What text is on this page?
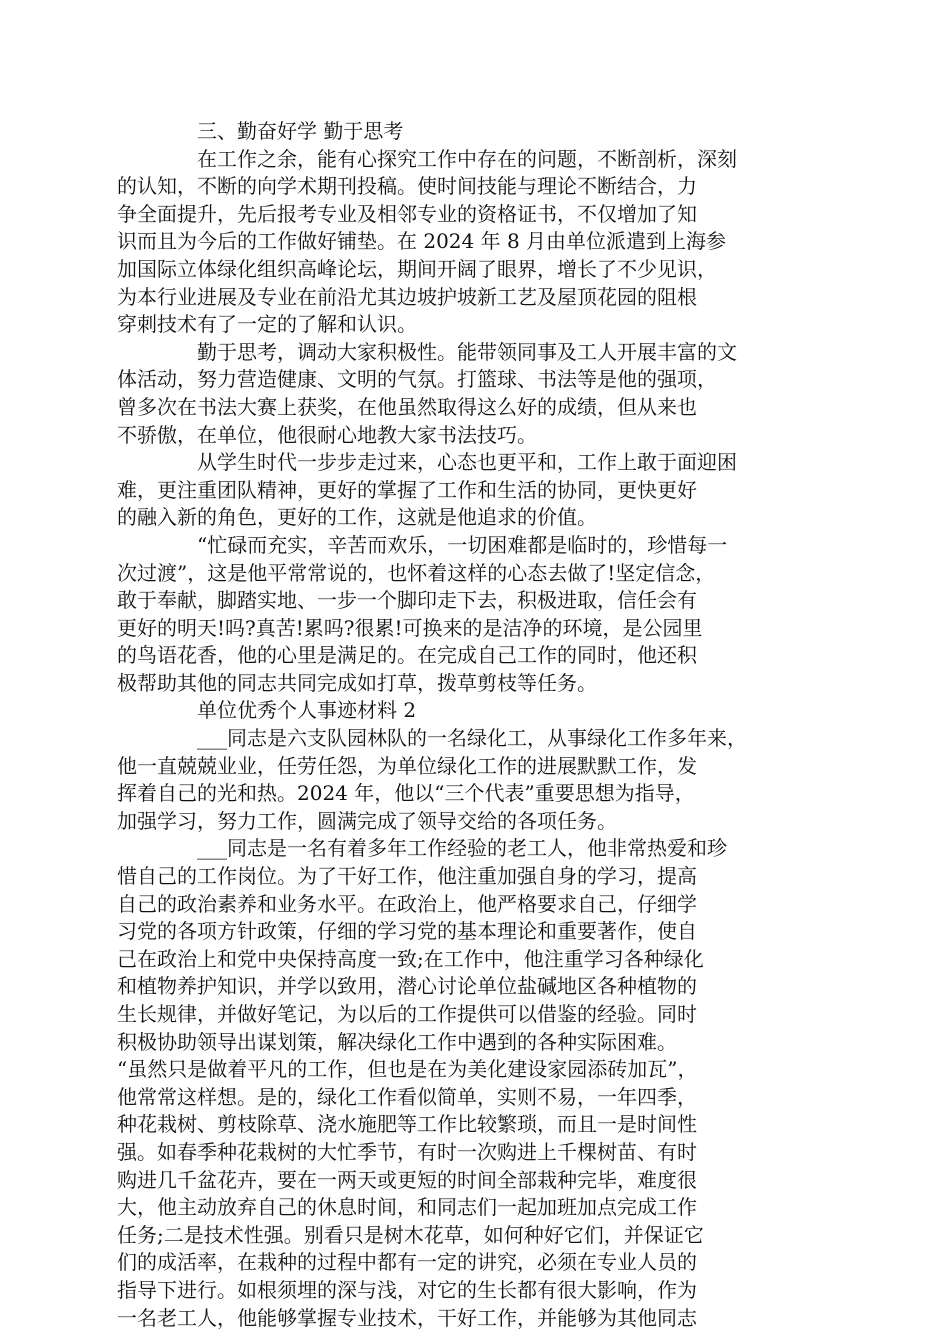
三、勤奋好学 勤于思考
在工作之余，能有心探究工作中存在的问题，不断剖析，深刻
的认知，不断的向学术期刊投稿。使时间技能与理论不断结合，力
争全面提升，先后报考专业及相邻专业的资格证书，不仅增加了知
识而且为今后的工作做好铺垫。在 2024 年 8 月由单位派遣到上海参
加国际立体绿化组织高峰论坛，期间开阔了眼界，增长了不少见识，
为本行业进展及专业在前沿尤其边坡护坡新工艺及屋顶花园的阻根
穿刺技术有了一定的了解和认识。
勤于思考，调动大家积极性。能带领同事及工人开展丰富的文
体活动，努力营造健康、文明的气氛。打篮球、书法等是他的强项，
曾多次在书法大赛上获奖，在他虽然取得这么好的成绩，但从来也
不骄傲，在单位，他很耐心地教大家书法技巧。
从学生时代一步步走过来，心态也更平和，工作上敢于面迎困
难，更注重团队精神，更好的掌握了工作和生活的协同，更快更好
的融入新的角色，更好的工作，这就是他追求的价值。
“忙碌而充实，辛苦而欢乐，一切困难都是临时的，珍惜每一
次过渡”，这是他平常常说的，也怀着这样的心态去做了!坚定信念，
敢于奉献，脚踏实地、一步一个脚印走下去，积极进取，信任会有
更好的明天!吗?真苦!累吗?很累!可换来的是洁净的环境，是公园里
的鸟语花香，他的心里是满足的。在完成自己工作的同时，他还积
极帮助其他的同志共同完成如打草，拨草剪枝等任务。
单位优秀个人事迹材料 2
___同志是六支队园林队的一名绿化工，从事绿化工作多年来，
他一直兢兢业业，任劳任怨，为单位绿化工作的进展默默工作，发
挥着自己的光和热。2024 年，他以“三个代表”重要思想为指导，
加强学习，努力工作，圆满完成了领导交给的各项任务。
___同志是一名有着多年工作经验的老工人，他非常热爱和珍
惜自己的工作岗位。为了干好工作，他注重加强自身的学习，提高
自己的政治素养和业务水平。在政治上，他严格要求自己，仔细学
习党的各项方针政策，仔细的学习党的基本理论和重要著作，使自
己在政治上和党中央保持高度一致;在工作中，他注重学习各种绿化
和植物养护知识，并学以致用，潜心讨论单位盐碱地区各种植物的
生长规律，并做好笔记，为以后的工作提供可以借鉴的经验。同时
积极协助领导出谋划策，解决绿化工作中遇到的各种实际困难。
“虽然只是做着平凡的工作，但也是在为美化建设家园添砖加瓦”，
他常常这样想。是的，绿化工作看似简单，实则不易，一年四季，
种花栽树、剪枝除草、浇水施肥等工作比较繁琐，而且一是时间性
强。如春季种花栽树的大忙季节，有时一次购进上千棵树苗、有时
购进几千盆花卉，要在一两天或更短的时间全部栽种完毕，难度很
大，他主动放弃自己的休息时间，和同志们一起加班加点完成工作
任务;二是技术性强。别看只是树木花草，如何种好它们，并保证它
们的成活率，在栽种的过程中都有一定的讲究，必须在专业人员的
指导下进行。如根须埋的深与浅，对它的生长都有很大影响，作为
一名老工人，他能够掌握专业技术，干好工作，并能够为其他同志
